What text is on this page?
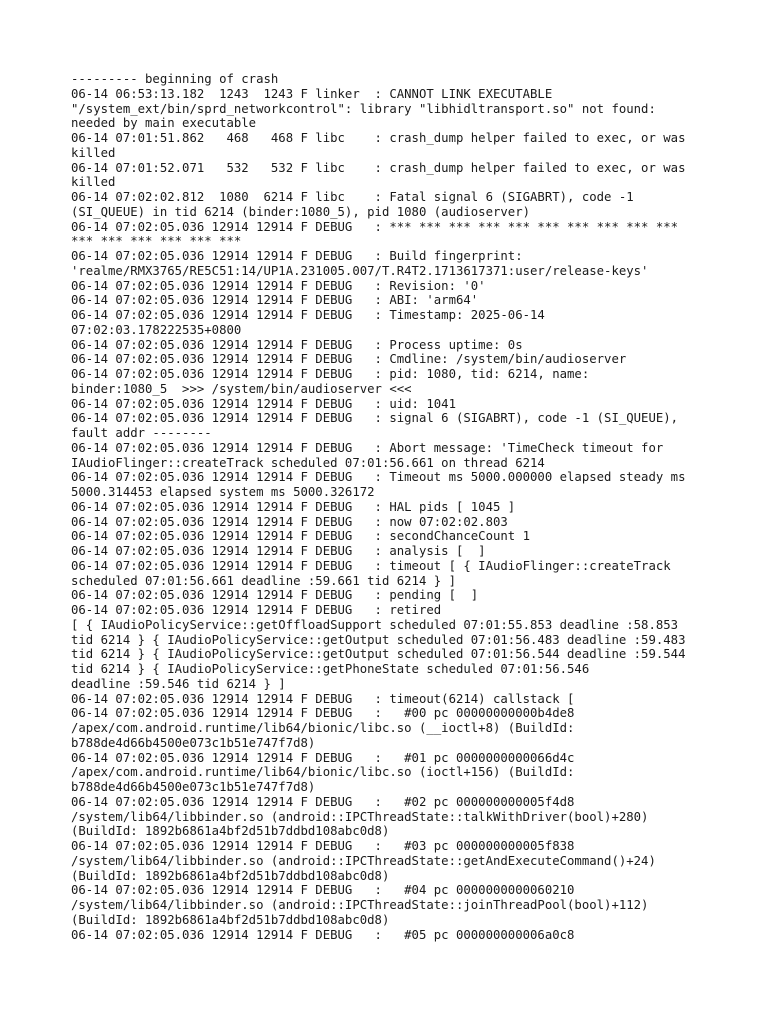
--------- beginning of crash
06-14 06:53:13.182  1243  1243 F linker  : CANNOT LINK EXECUTABLE
"/system_ext/bin/sprd_networkcontrol": library "libhidltransport.so" not found:
needed by main executable
06-14 07:01:51.862   468   468 F libc    : crash_dump helper failed to exec, or was
killed
06-14 07:01:52.071   532   532 F libc    : crash_dump helper failed to exec, or was
killed
06-14 07:02:02.812  1080  6214 F libc    : Fatal signal 6 (SIGABRT), code -1
(SI_QUEUE) in tid 6214 (binder:1080_5), pid 1080 (audioserver)
06-14 07:02:05.036 12914 12914 F DEBUG   : *** *** *** *** *** *** *** *** *** ***
*** *** *** *** *** ***
06-14 07:02:05.036 12914 12914 F DEBUG   : Build fingerprint:
'realme/RMX3765/RE5C51:14/UP1A.231005.007/T.R4T2.1713617371:user/release-keys'
06-14 07:02:05.036 12914 12914 F DEBUG   : Revision: '0'
06-14 07:02:05.036 12914 12914 F DEBUG   : ABI: 'arm64'
06-14 07:02:05.036 12914 12914 F DEBUG   : Timestamp: 2025-06-14
07:02:03.178222535+0800
06-14 07:02:05.036 12914 12914 F DEBUG   : Process uptime: 0s
06-14 07:02:05.036 12914 12914 F DEBUG   : Cmdline: /system/bin/audioserver
06-14 07:02:05.036 12914 12914 F DEBUG   : pid: 1080, tid: 6214, name:
binder:1080_5  >>> /system/bin/audioserver <<<
06-14 07:02:05.036 12914 12914 F DEBUG   : uid: 1041
06-14 07:02:05.036 12914 12914 F DEBUG   : signal 6 (SIGABRT), code -1 (SI_QUEUE),
fault addr --------
06-14 07:02:05.036 12914 12914 F DEBUG   : Abort message: 'TimeCheck timeout for
IAudioFlinger::createTrack scheduled 07:01:56.661 on thread 6214
06-14 07:02:05.036 12914 12914 F DEBUG   : Timeout ms 5000.000000 elapsed steady ms
5000.314453 elapsed system ms 5000.326172
06-14 07:02:05.036 12914 12914 F DEBUG   : HAL pids [ 1045 ]
06-14 07:02:05.036 12914 12914 F DEBUG   : now 07:02:02.803
06-14 07:02:05.036 12914 12914 F DEBUG   : secondChanceCount 1
06-14 07:02:05.036 12914 12914 F DEBUG   : analysis [  ]
06-14 07:02:05.036 12914 12914 F DEBUG   : timeout [ { IAudioFlinger::createTrack
scheduled 07:01:56.661 deadline :59.661 tid 6214 } ]
06-14 07:02:05.036 12914 12914 F DEBUG   : pending [  ]
06-14 07:02:05.036 12914 12914 F DEBUG   : retired
[ { IAudioPolicyService::getOffloadSupport scheduled 07:01:55.853 deadline :58.853
tid 6214 } { IAudioPolicyService::getOutput scheduled 07:01:56.483 deadline :59.483
tid 6214 } { IAudioPolicyService::getOutput scheduled 07:01:56.544 deadline :59.544
tid 6214 } { IAudioPolicyService::getPhoneState scheduled 07:01:56.546
deadline :59.546 tid 6214 } ]
06-14 07:02:05.036 12914 12914 F DEBUG   : timeout(6214) callstack [
06-14 07:02:05.036 12914 12914 F DEBUG   :   #00 pc 00000000000b4de8
/apex/com.android.runtime/lib64/bionic/libc.so (__ioctl+8) (BuildId:
b788de4d66b4500e073c1b51e747f7d8)
06-14 07:02:05.036 12914 12914 F DEBUG   :   #01 pc 0000000000066d4c
/apex/com.android.runtime/lib64/bionic/libc.so (ioctl+156) (BuildId:
b788de4d66b4500e073c1b51e747f7d8)
06-14 07:02:05.036 12914 12914 F DEBUG   :   #02 pc 000000000005f4d8
/system/lib64/libbinder.so (android::IPCThreadState::talkWithDriver(bool)+280)
(BuildId: 1892b6861a4bf2d51b7ddbd108abc0d8)
06-14 07:02:05.036 12914 12914 F DEBUG   :   #03 pc 000000000005f838
/system/lib64/libbinder.so (android::IPCThreadState::getAndExecuteCommand()+24)
(BuildId: 1892b6861a4bf2d51b7ddbd108abc0d8)
06-14 07:02:05.036 12914 12914 F DEBUG   :   #04 pc 0000000000060210
/system/lib64/libbinder.so (android::IPCThreadState::joinThreadPool(bool)+112)
(BuildId: 1892b6861a4bf2d51b7ddbd108abc0d8)
06-14 07:02:05.036 12914 12914 F DEBUG   :   #05 pc 000000000006a0c8
